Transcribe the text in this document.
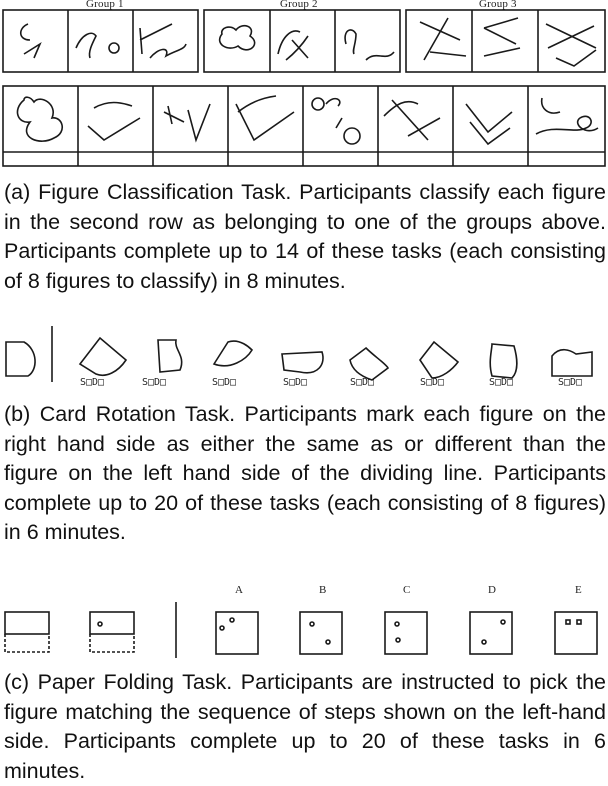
Group 1	Group 2	Group 3

(a) Figure Classification Task. Participants classify each figure in the second row as belonging to one of the groups above. Participants complete up to 14 of these tasks (each consisting of 8 figures to classify) in 8 minutes.

S□D□	S□D□	S□D□	S□D□	S□D□	S□D□	S□D□	S□D□

(b) Card Rotation Task. Participants mark each figure on the right hand side as either the same as or different than the figure on the left hand side of the dividing line. Participants complete up to 20 of these tasks (each consisting of 8 figures) in 6 minutes.

A	B	C	D	E

(c) Paper Folding Task. Participants are instructed to pick the figure matching the sequence of steps shown on the left-hand side. Participants complete up to 20 of these tasks in 6 minutes.
